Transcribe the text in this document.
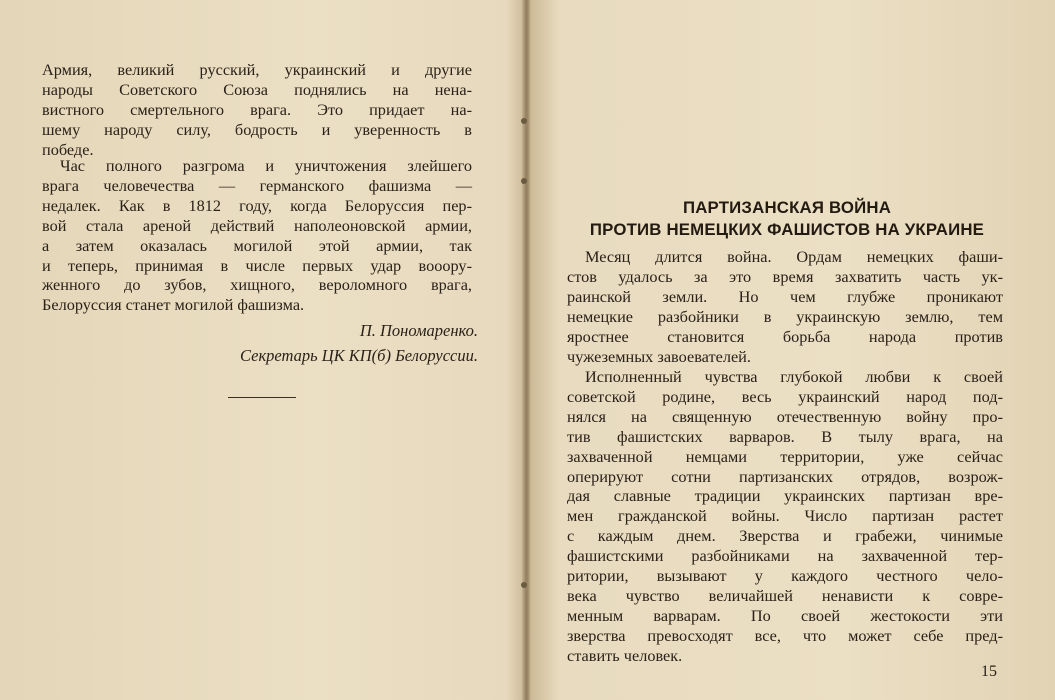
Армия, великий русский, украинский и другие
народы Советского Союза поднялись на нена-
вистного смертельного врага. Это придает на-
шему народу силу, бодрость и уверенность в
победе.
Час полного разгрома и уничтожения злейшего
врага человечества — германского фашизма —
недалек. Как в 1812 году, когда Белоруссия пер-
вой стала ареной действий наполеоновской армии,
а затем оказалась могилой этой армии, так
и теперь, принимая в числе первых удар вооору-
женного до зубов, хищного, вероломного врага,
Белоруссия станет могилой фашизма.

П. Пономаренко.

Секретарь ЦК КП(б) Белоруссии.

ПАРТИЗАНСКАЯ ВОЙНА

ПРОТИВ НЕМЕЦКИХ ФАШИСТОВ НА УКРАИНЕ

Месяц длится война. Ордам немецких фаши-
стов удалось за это время захватить часть ук-
раинской земли. Но чем глубже проникают
немецкие разбойники в украинскую землю, тем
яростнее становится борьба народа против
чужеземных завоевателей.
Исполненный чувства глубокой любви к своей
советской родине, весь украинский народ под-
нялся на священную отечественную войну про-
тив фашистских варваров. В тылу врага, на
захваченной немцами территории, уже сейчас
оперируют сотни партизанских отрядов, возрож-
дая славные традиции украинских партизан вре-
мен гражданской войны. Число партизан растет
с каждым днем. Зверства и грабежи, чинимые
фашистскими разбойниками на захваченной тер-
ритории, вызывают у каждого честного чело-
века чувство величайшей ненависти к совре-
менным варварам. По своей жестокости эти
зверства превосходят все, что может себе пред-
ставить человек.

15
